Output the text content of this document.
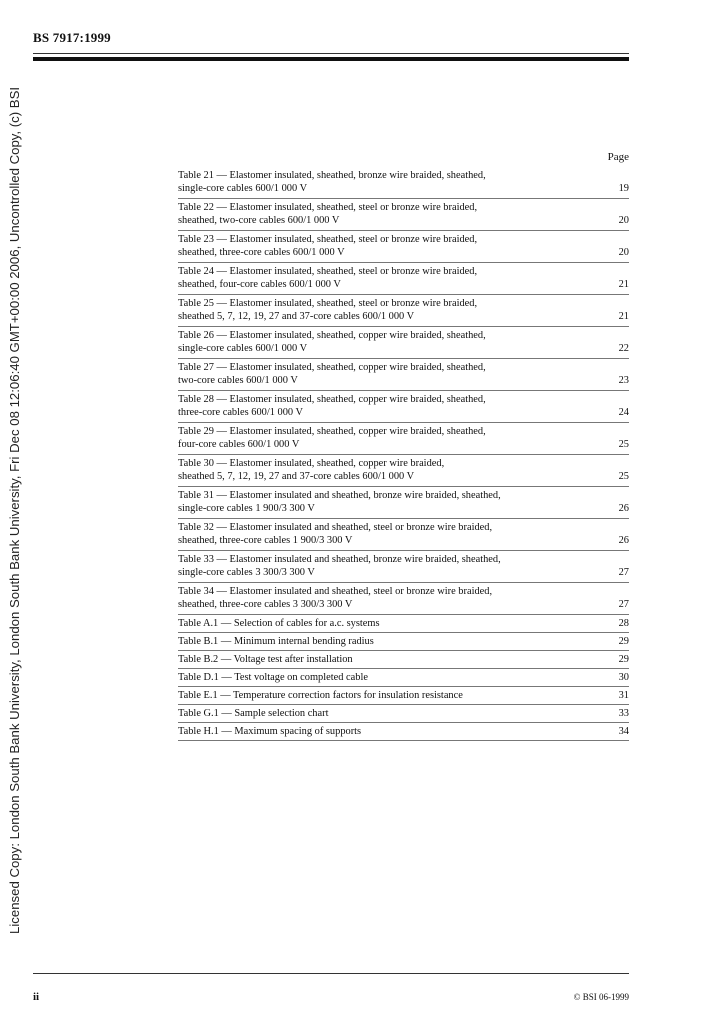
Licensed Copy: London South Bank University, London South Bank University, Fri Dec 08 12:06:40 GMT+00:00 2006, Uncontrolled Copy, (c) BSI
BS 7917:1999
Page
Table 21 — Elastomer insulated, sheathed, bronze wire braided, sheathed,
single-core cables 600/1 000 V	19
Table 22 — Elastomer insulated, sheathed, steel or bronze wire braided,
sheathed, two-core cables 600/1 000 V	20
Table 23 — Elastomer insulated, sheathed, steel or bronze wire braided,
sheathed, three-core cables 600/1 000 V	20
Table 24 — Elastomer insulated, sheathed, steel or bronze wire braided,
sheathed, four-core cables 600/1 000 V	21
Table 25 — Elastomer insulated, sheathed, steel or bronze wire braided,
sheathed 5, 7, 12, 19, 27 and 37-core cables 600/1 000 V	21
Table 26 — Elastomer insulated, sheathed, copper wire braided, sheathed,
single-core cables 600/1 000 V	22
Table 27 — Elastomer insulated, sheathed, copper wire braided, sheathed,
two-core cables 600/1 000 V	23
Table 28 — Elastomer insulated, sheathed, copper wire braided, sheathed,
three-core cables 600/1 000 V	24
Table 29 — Elastomer insulated, sheathed, copper wire braided, sheathed,
four-core cables 600/1 000 V	25
Table 30 — Elastomer insulated, sheathed, copper wire braided,
sheathed 5, 7, 12, 19, 27 and 37-core cables 600/1 000 V	25
Table 31 — Elastomer insulated and sheathed, bronze wire braided, sheathed,
single-core cables 1 900/3 300 V	26
Table 32 — Elastomer insulated and sheathed, steel or bronze wire braided,
sheathed, three-core cables 1 900/3 300 V	26
Table 33 — Elastomer insulated and sheathed, bronze wire braided, sheathed,
single-core cables 3 300/3 300 V	27
Table 34 — Elastomer insulated and sheathed, steel or bronze wire braided,
sheathed, three-core cables 3 300/3 300 V	27
Table A.1 — Selection of cables for a.c. systems	28
Table B.1 — Minimum internal bending radius	29
Table B.2 — Voltage test after installation	29
Table D.1 — Test voltage on completed cable	30
Table E.1 — Temperature correction factors for insulation resistance	31
Table G.1 — Sample selection chart	33
Table H.1 — Maximum spacing of supports	34
ii	© BSI 06-1999
